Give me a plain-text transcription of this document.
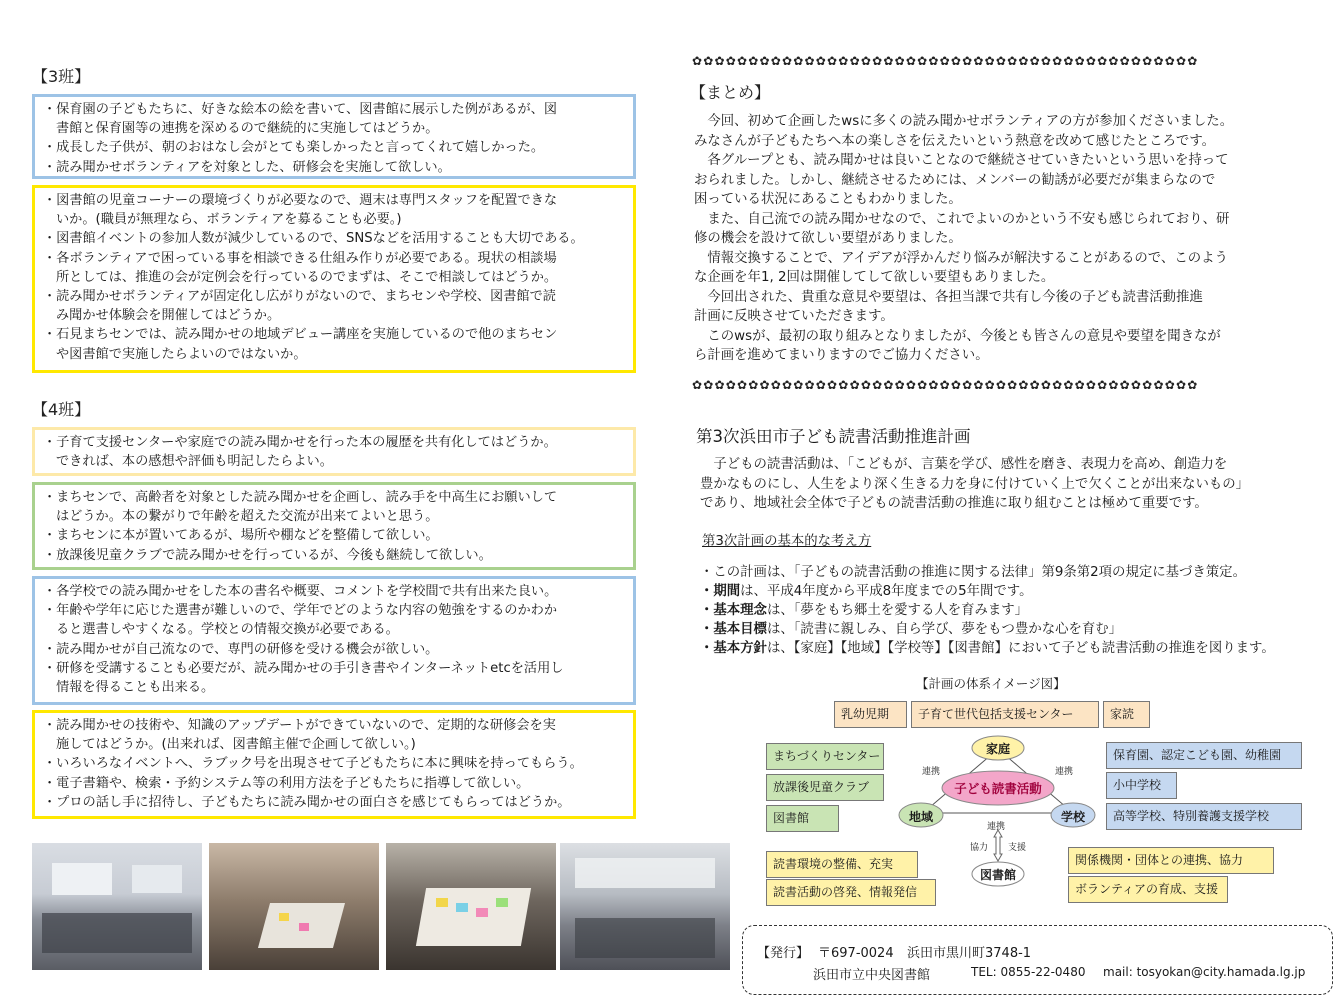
【3班】

・保育園の子どもたちに、好きな絵本の絵を書いて、図書館に展示した例があるが、図

書館と保育園等の連携を深めるので継続的に実施してはどうか。

・成長した子供が、朝のおはなし会がとても楽しかったと言ってくれて嬉しかった。

・読み聞かせボランティアを対象とした、研修会を実施して欲しい。

・図書館の児童コーナーの環境づくりが必要なので、週末は専門スタッフを配置できな

いか。(職員が無理なら、ボランティアを募ることも必要。)

・図書館イベントの参加人数が減少しているので、SNSなどを活用することも大切である。

・各ボランティアで困っている事を相談できる仕組み作りが必要である。現状の相談場

所としては、推進の会が定例会を行っているのでまずは、そこで相談してはどうか。

・読み聞かせボランティアが固定化し広がりがないので、まちセンや学校、図書館で読

み聞かせ体験会を開催してはどうか。

・石見まちセンでは、読み聞かせの地域デビュー講座を実施しているので他のまちセン

や図書館で実施したらよいのではないか。

【4班】

・子育て支援センターや家庭での読み聞かせを行った本の履歴を共有化してはどうか。

できれば、本の感想や評価も明記したらよい。

・まちセンで、高齢者を対象とした読み聞かせを企画し、読み手を中高生にお願いして

はどうか。本の繋がりで年齢を超えた交流が出来てよいと思う。

・まちセンに本が置いてあるが、場所や棚などを整備して欲しい。

・放課後児童クラブで読み聞かせを行っているが、今後も継続して欲しい。

・各学校での読み聞かせをした本の書名や概要、コメントを学校間で共有出来た良い。

・年齢や学年に応じた選書が難しいので、学年でどのような内容の勉強をするのかわか

ると選書しやすくなる。学校との情報交換が必要である。

・読み聞かせが自己流なので、専門の研修を受ける機会が欲しい。

・研修を受講することも必要だが、読み聞かせの手引き書やインターネットetcを活用し

情報を得ることも出来る。

・読み聞かせの技術や、知識のアップデートができていないので、定期的な研修会を実

施してはどうか。(出来れば、図書館主催で企画して欲しい。)

・いろいろなイベントへ、ラブック号を出現させて子どもたちに本に興味を持ってもらう。

・電子書籍や、検索・予約システム等の利用方法を子どもたちに指導して欲しい。

・プロの話し手に招待し、子どもたちに読み聞かせの面白さを感じてもらってはどうか。

✿✿✿✿✿✿✿✿✿✿✿✿✿✿✿✿✿✿✿✿✿✿✿✿✿✿✿✿✿✿✿✿✿✿✿✿✿✿✿✿✿✿✿✿✿
【まとめ】

　今回、初めて企画したwsに多くの読み聞かせボランティアの方が参加くださいました。

みなさんが子どもたちへ本の楽しさを伝えたいという熱意を改めて感じたところです。

　各グループとも、読み聞かせは良いことなので継続させていきたいという思いを持って

おられました。しかし、継続させるためには、メンバーの勧誘が必要だが集まらなので

困っている状況にあることもわかりました。

　また、自己流での読み聞かせなので、これでよいのかという不安も感じられており、研

修の機会を設けて欲しい要望がありました。

　情報交換することで、アイデアが浮かんだり悩みが解決することがあるので、このよう

な企画を年1, 2回は開催してして欲しい要望もありました。

　今回出された、貴重な意見や要望は、各担当課で共有し今後の子ども読書活動推進

計画に反映させていただきます。

　このwsが、最初の取り組みとなりましたが、今後とも皆さんの意見や要望を聞きなが

ら計画を進めてまいりますのでご協力ください。

✿✿✿✿✿✿✿✿✿✿✿✿✿✿✿✿✿✿✿✿✿✿✿✿✿✿✿✿✿✿✿✿✿✿✿✿✿✿✿✿✿✿✿✿✿
第3次浜田市子ども読書活動推進計画

　子どもの読書活動は、「こどもが、言葉を学び、感性を磨き、表現力を高め、創造力を

豊かなものにし、人生をより深く生きる力を身に付けていく上で欠くことが出来ないもの」

であり、地域社会全体で子どもの読書活動の推進に取り組むことは極めて重要です。

第3次計画の基本的な考え方

・この計画は、「子どもの読書活動の推進に関する法律」第9条第2項の規定に基づき策定。

・期間は、平成4年度から平成8年度までの5年間です。

・基本理念は、「夢をもち郷土を愛する人を育みます」

・基本目標は、「読書に親しみ、自ら学び、夢をもつ豊かな心を育む」

・基本方針は、【家庭】【地域】【学校等】【図書館】において子ども読書活動の推進を図ります。

【計画の体系イメージ図】
乳幼児期	子育て世代包括支援センター	家読
まちづくりセンター
放課後児童クラブ
図書館
保育園、認定こども園、幼稚園
小中学校
高等学校、特別養護支援学校
読書環境の整備、充実
読書活動の啓発、情報発信
関係機関・団体との連携、協力
ボランティアの育成、支援
子ども読書活動
家庭
地域	学校
図書館
連携	連携
連携
協力 支援
【発行】 〒697-0024 浜田市黒川町3748-1
浜田市立中央図書館	TEL: 0855-22-0480 mail: tosyokan@city.hamada.lg.jp
